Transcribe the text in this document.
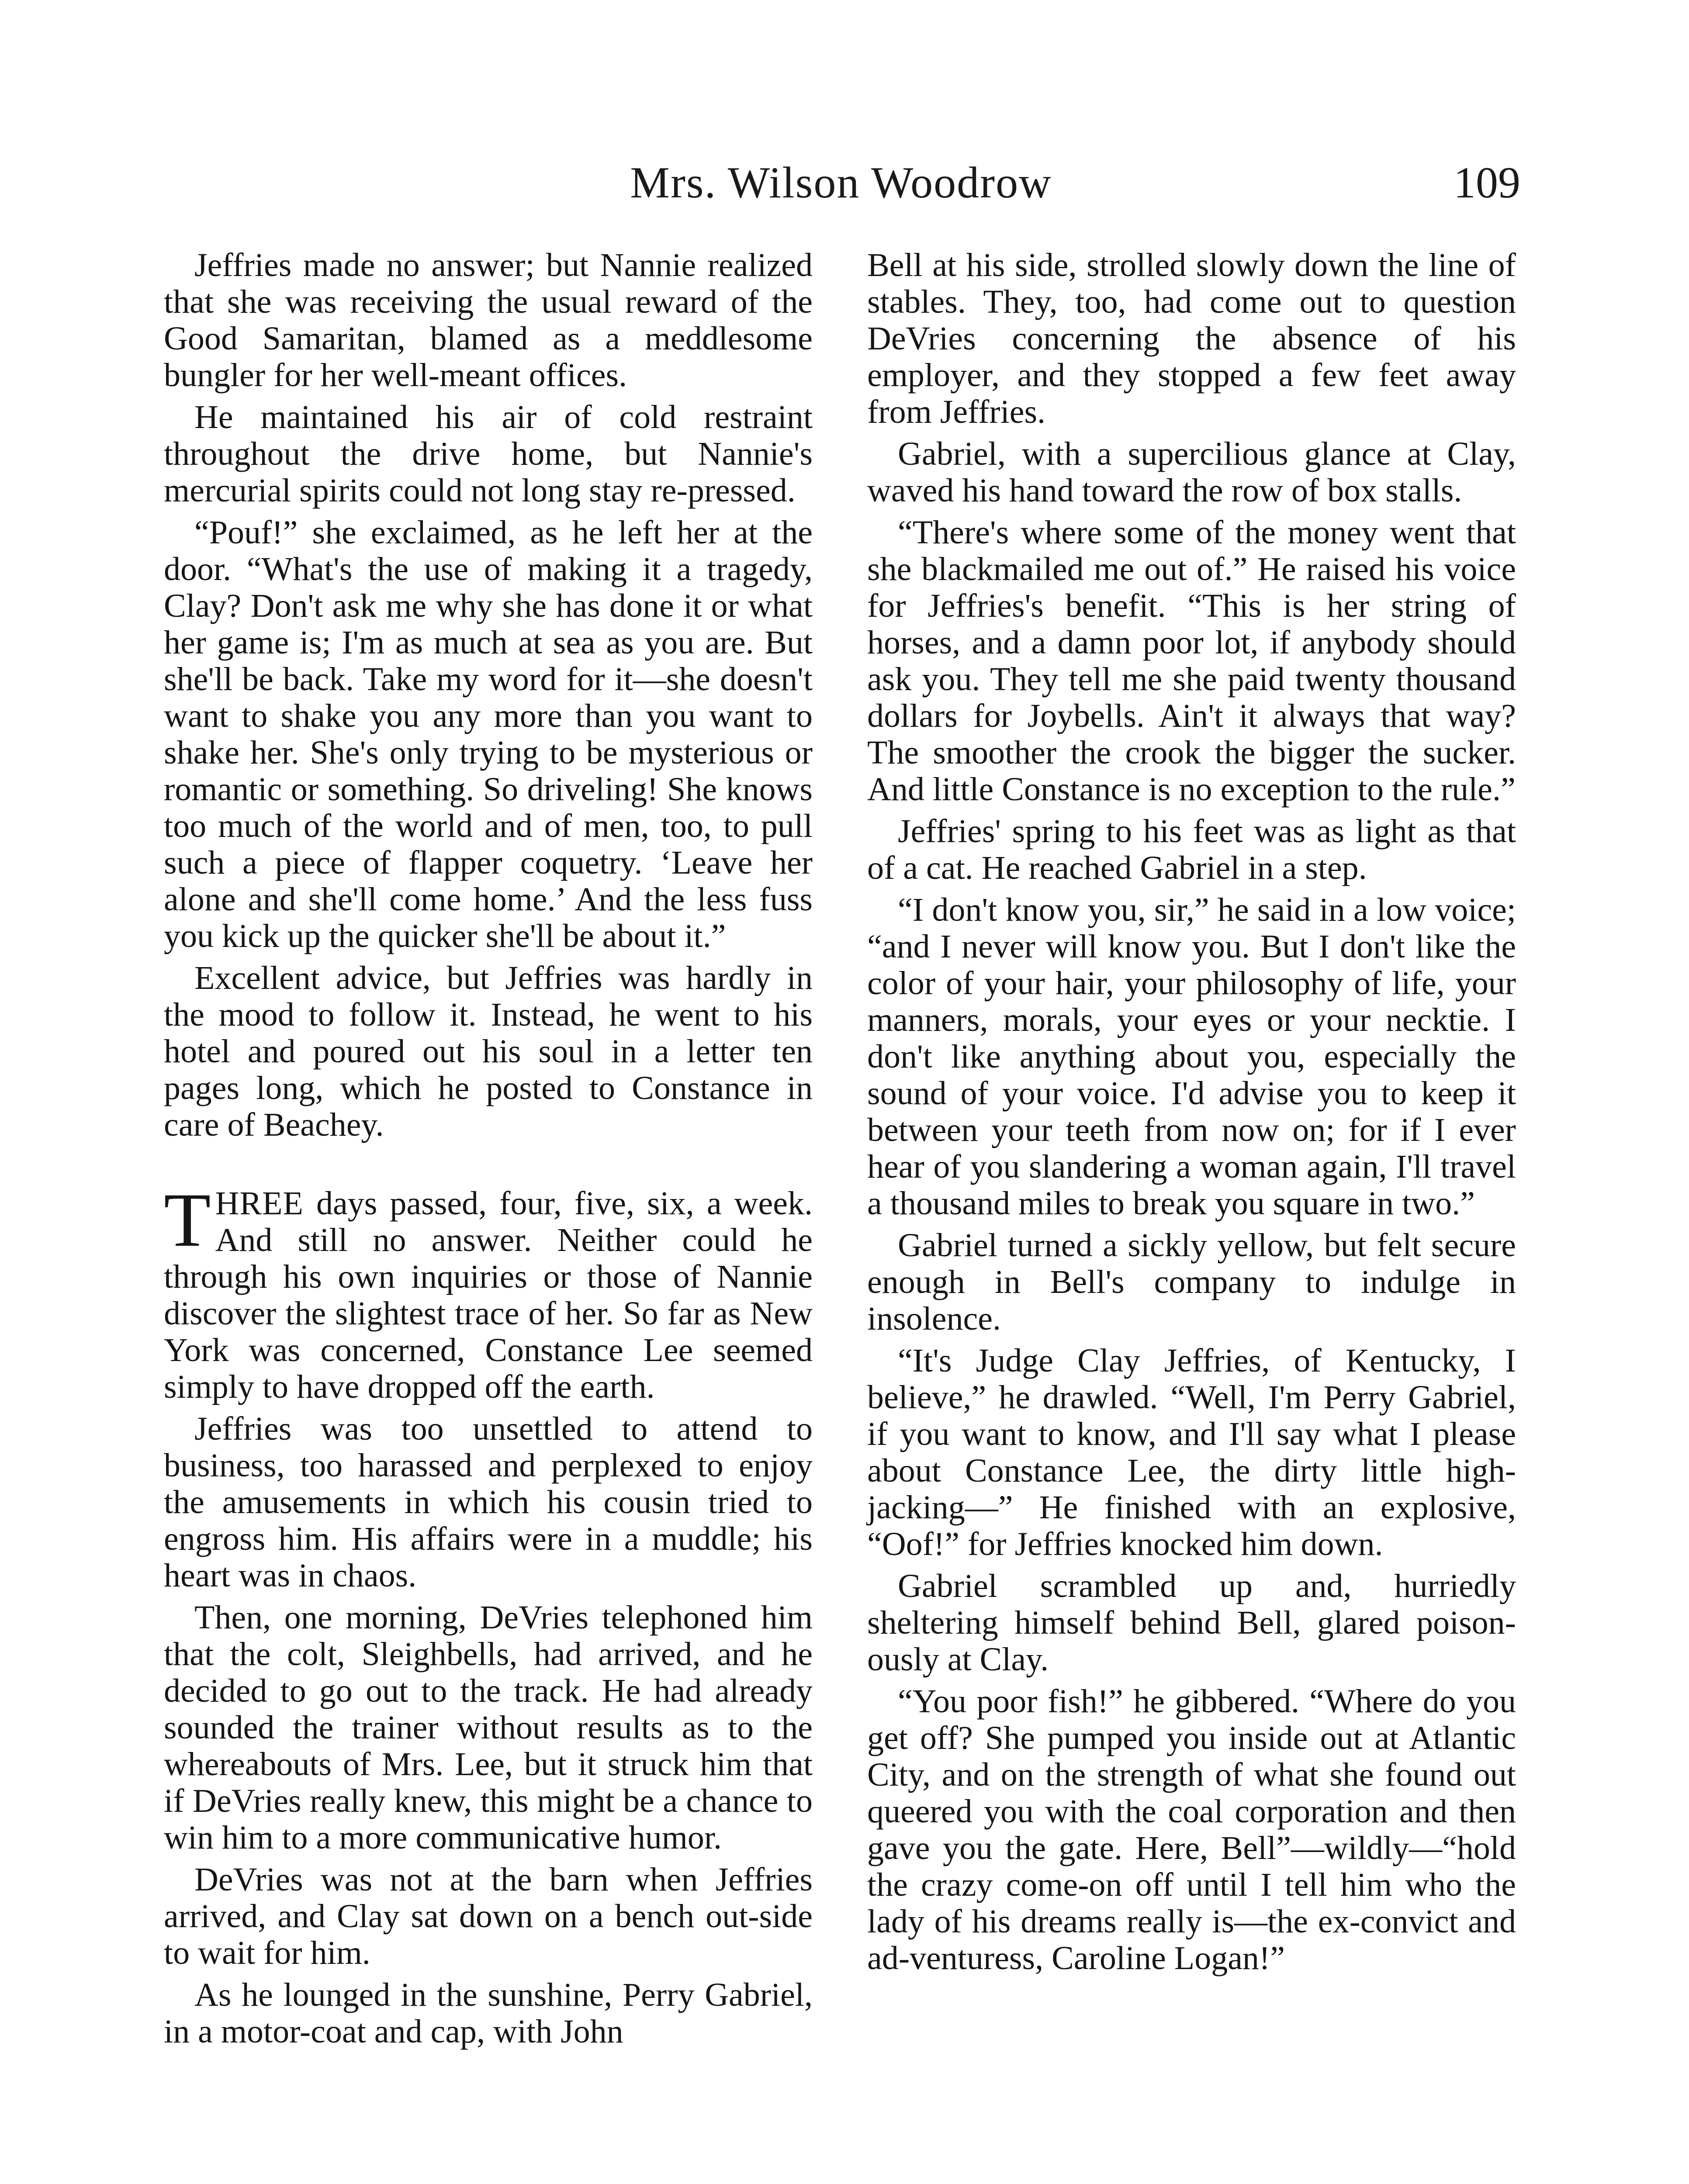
Mrs. Wilson Woodrow	109

Jeffries made no answer; but Nannie realized that she was receiving the usual reward of the Good Samaritan, blamed as a meddlesome bungler for her well-meant offices.

He maintained his air of cold restraint throughout the drive home, but Nannie's mercurial spirits could not long stay re-pressed.

“Pouf!” she exclaimed, as he left her at the door. “What's the use of making it a tragedy, Clay? Don't ask me why she has done it or what her game is; I'm as much at sea as you are. But she'll be back. Take my word for it—she doesn't want to shake you any more than you want to shake her. She's only trying to be mysterious or romantic or something. So driveling! She knows too much of the world and of men, too, to pull such a piece of flapper coquetry. ‘Leave her alone and she'll come home.’ And the less fuss you kick up the quicker she'll be about it.”

Excellent advice, but Jeffries was hardly in the mood to follow it. Instead, he went to his hotel and poured out his soul in a letter ten pages long, which he posted to Constance in care of Beachey.

THREE days passed, four, five, six, a week. And still no answer. Neither could he through his own inquiries or those of Nannie discover the slightest trace of her. So far as New York was concerned, Constance Lee seemed simply to have dropped off the earth.

Jeffries was too unsettled to attend to business, too harassed and perplexed to enjoy the amusements in which his cousin tried to engross him. His affairs were in a muddle; his heart was in chaos.

Then, one morning, DeVries telephoned him that the colt, Sleighbells, had arrived, and he decided to go out to the track. He had already sounded the trainer without results as to the whereabouts of Mrs. Lee, but it struck him that if DeVries really knew, this might be a chance to win him to a more communicative humor.

DeVries was not at the barn when Jeffries arrived, and Clay sat down on a bench out-side to wait for him.

As he lounged in the sunshine, Perry Gabriel, in a motor-coat and cap, with John

Bell at his side, strolled slowly down the line of stables. They, too, had come out to question DeVries concerning the absence of his employer, and they stopped a few feet away from Jeffries.

Gabriel, with a supercilious glance at Clay, waved his hand toward the row of box stalls.

“There's where some of the money went that she blackmailed me out of.” He raised his voice for Jeffries's benefit. “This is her string of horses, and a damn poor lot, if anybody should ask you. They tell me she paid twenty thousand dollars for Joybells. Ain't it always that way? The smoother the crook the bigger the sucker. And little Constance is no exception to the rule.”

Jeffries' spring to his feet was as light as that of a cat. He reached Gabriel in a step.

“I don't know you, sir,” he said in a low voice; “and I never will know you. But I don't like the color of your hair, your philosophy of life, your manners, morals, your eyes or your necktie. I don't like anything about you, especially the sound of your voice. I'd advise you to keep it between your teeth from now on; for if I ever hear of you slandering a woman again, I'll travel a thousand miles to break you square in two.”

Gabriel turned a sickly yellow, but felt secure enough in Bell's company to indulge in insolence.

“It's Judge Clay Jeffries, of Kentucky, I believe,” he drawled. “Well, I'm Perry Gabriel, if you want to know, and I'll say what I please about Constance Lee, the dirty little high-jacking—” He finished with an explosive, “Oof!” for Jeffries knocked him down.

Gabriel scrambled up and, hurriedly sheltering himself behind Bell, glared poison-ously at Clay.

“You poor fish!” he gibbered. “Where do you get off? She pumped you inside out at Atlantic City, and on the strength of what she found out queered you with the coal corporation and then gave you the gate. Here, Bell”—wildly—“hold the crazy come-on off until I tell him who the lady of his dreams really is—the ex-convict and ad-venturess, Caroline Logan!”
